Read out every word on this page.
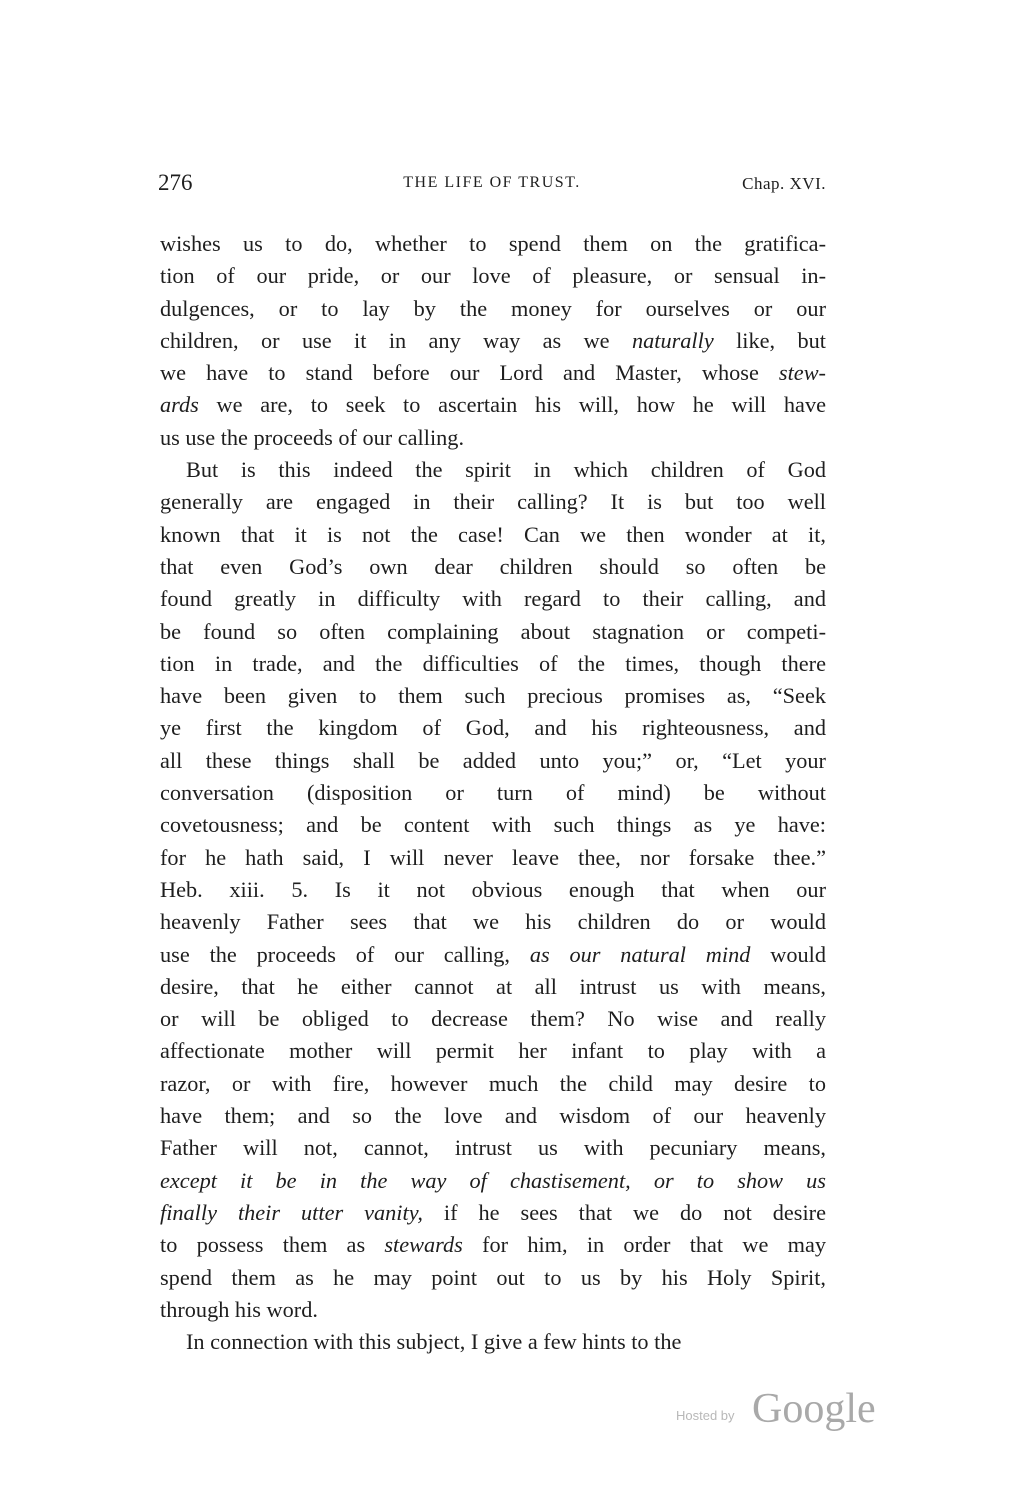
276	THE LIFE OF TRUST.	Chap. XVI.
wishes us to do, whether to spend them on the gratifica-
tion of our pride, or our love of pleasure, or sensual in-
dulgences, or to lay by the money for ourselves or our
children, or use it in any way as we naturally like, but
we have to stand before our Lord and Master, whose stew-
ards we are, to seek to ascertain his will, how he will have
us use the proceeds of our calling.
But is this indeed the spirit in which children of God
generally are engaged in their calling? It is but too well
known that it is not the case! Can we then wonder at it,
that even God’s own dear children should so often be
found greatly in difficulty with regard to their calling, and
be found so often complaining about stagnation or competi-
tion in trade, and the difficulties of the times, though there
have been given to them such precious promises as, “Seek
ye first the kingdom of God, and his righteousness, and
all these things shall be added unto you;” or, “Let your
conversation (disposition or turn of mind) be without
covetousness; and be content with such things as ye have:
for he hath said, I will never leave thee, nor forsake thee.”
Heb. xiii. 5. Is it not obvious enough that when our
heavenly Father sees that we his children do or would
use the proceeds of our calling, as our natural mind would
desire, that he either cannot at all intrust us with means,
or will be obliged to decrease them? No wise and really
affectionate mother will permit her infant to play with a
razor, or with fire, however much the child may desire to
have them; and so the love and wisdom of our heavenly
Father will not, cannot, intrust us with pecuniary means,
except it be in the way of chastisement, or to show us
finally their utter vanity, if he sees that we do not desire
to possess them as stewards for him, in order that we may
spend them as he may point out to us by his Holy Spirit,
through his word.
In connection with this subject, I give a few hints to the
Hosted by Google
